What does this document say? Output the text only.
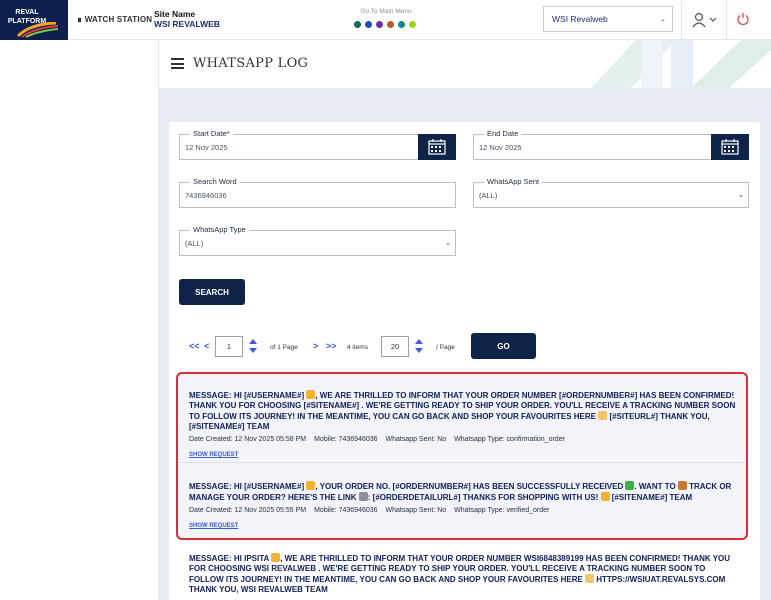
REVAL PLATFORM	∎ WATCH STATION
Site Name
WSI REVALWEB
Go To Main Menu
WSI Revalweb	⌄
WHATSAPP LOG
Start Date*
12 Nov 2025
End Date
12 Nov 2025
Search Word
7436946036
WhatsApp Sent
(ALL)	⌄
WhatsApp Type
(ALL)	⌄
SEARCH
<< <	1	of 1 Page > >> 4 items	20	/ Page	GO
MESSAGE: HI [#USERNAME#] , WE ARE THRILLED TO INFORM THAT YOUR ORDER NUMBER [#ORDERNUMBER#] HAS BEEN CONFIRMED! THANK YOU FOR CHOOSING [#SITENAME#] . WE'RE GETTING READY TO SHIP YOUR ORDER. YOU'LL RECEIVE A TRACKING NUMBER SOON TO FOLLOW ITS JOURNEY! IN THE MEANTIME, YOU CAN GO BACK AND SHOP YOUR FAVOURITES HERE  [#SITEURL#] THANK YOU, [#SITENAME#] TEAM
Date Created: 12 Nov 2025 05:58 PM Mobile: 7436946036 Whatsapp Sent: No Whatsapp Type: confirmation_order
SHOW REQUEST
MESSAGE: HI [#USERNAME#] , YOUR ORDER NO. [#ORDERNUMBER#] HAS BEEN SUCCESSFULLY RECEIVED . WANT TO  TRACK OR MANAGE YOUR ORDER? HERE'S THE LINK : [#ORDERDETAILURL#] THANKS FOR SHOPPING WITH US!  [#SITENAME#] TEAM
Date Created: 12 Nov 2025 05:55 PM Mobile: 7436946036 Whatsapp Sent: No Whatsapp Type: verified_order
SHOW REQUEST
MESSAGE: HI IPSITA , WE ARE THRILLED TO INFORM THAT YOUR ORDER NUMBER WSI6848389199 HAS BEEN CONFIRMED! THANK YOU FOR CHOOSING WSI REVALWEB . WE'RE GETTING READY TO SHIP YOUR ORDER. YOU'LL RECEIVE A TRACKING NUMBER SOON TO FOLLOW ITS JOURNEY! IN THE MEANTIME, YOU CAN GO BACK AND SHOP YOUR FAVOURITES HERE  HTTPS://WSIUAT.REVALSYS.COM THANK YOU, WSI REVALWEB TEAM
